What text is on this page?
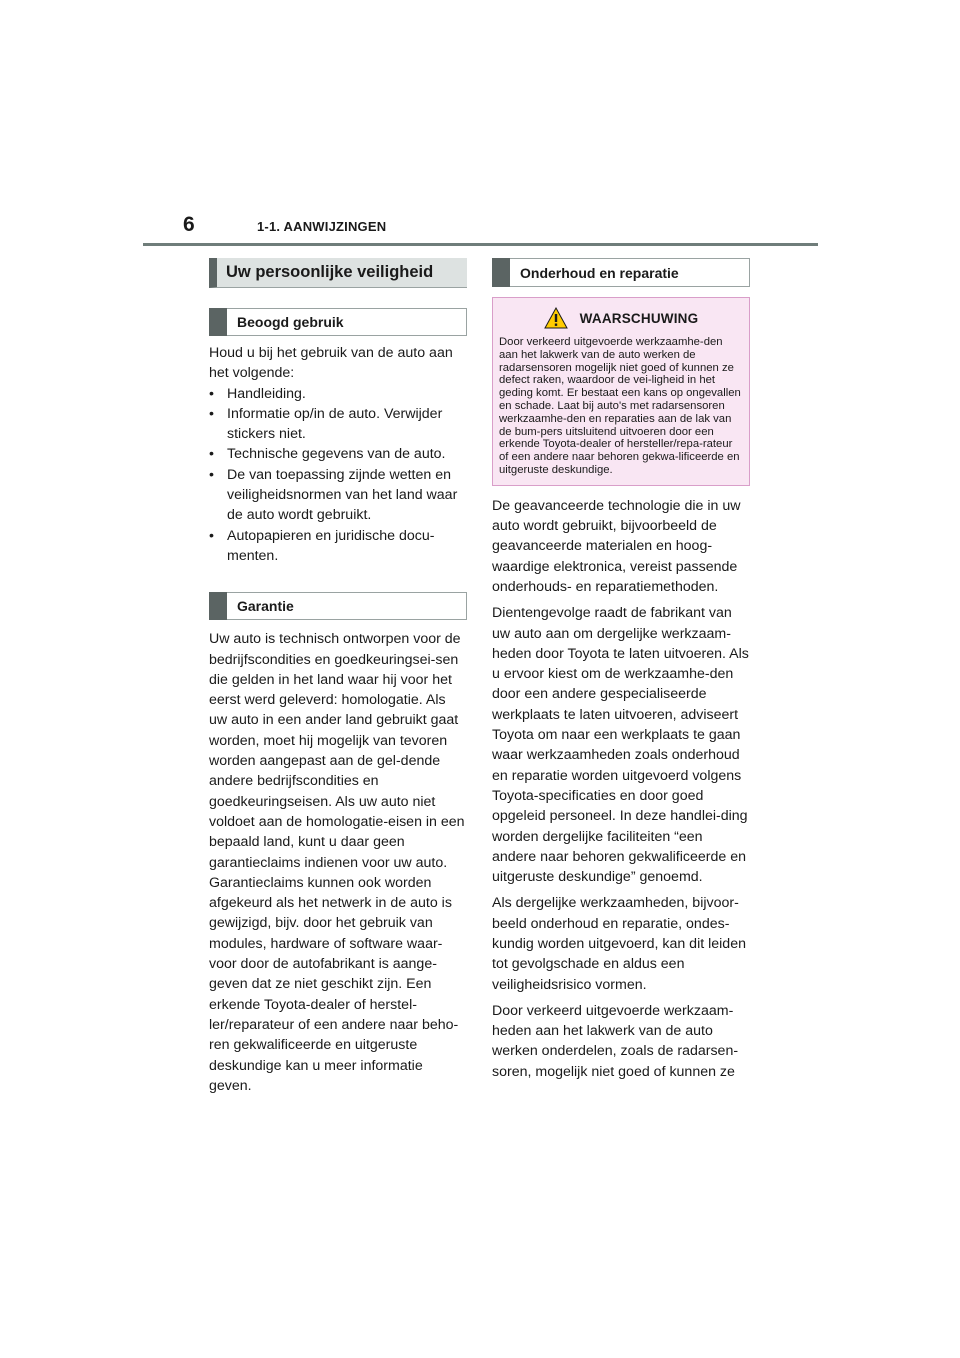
6	1-1. AANWIJZINGEN
Uw persoonlijke veiligheid
Beoogd gebruik

Houd u bij het gebruik van de auto aan het volgende:

• Handleiding.
• Informatie op/in de auto. Verwijder stickers niet.
• Technische gegevens van de auto.
• De van toepassing zijnde wetten en veiligheidsnormen van het land waar de auto wordt gebruikt.
• Autopapieren en juridische docu-menten.
Garantie

Uw auto is technisch ontworpen voor de bedrijfscondities en goedkeuringsei-sen die gelden in het land waar hij voor het eerst werd geleverd: homologatie. Als uw auto in een ander land gebruikt gaat worden, moet hij mogelijk van tevoren worden aangepast aan de gel-dende andere bedrijfscondities en goedkeuringseisen. Als uw auto niet voldoet aan de homologatie-eisen in een bepaald land, kunt u daar geen garantieclaims indienen voor uw auto. Garantieclaims kunnen ook worden afgekeurd als het netwerk in de auto is gewijzigd, bijv. door het gebruik van modules, hardware of software waar-voor door de autofabrikant is aange-geven dat ze niet geschikt zijn. Een erkende Toyota-dealer of herstel-ler/reparateur of een andere naar beho-ren gekwalificeerde en uitgeruste deskundige kan u meer informatie geven.

Onderhoud en reparatie
WAARSCHUWING

Door verkeerd uitgevoerde werkzaamhe-den aan het lakwerk van de auto werken de radarsensoren mogelijk niet goed of kunnen ze defect raken, waardoor de vei-ligheid in het geding komt. Er bestaat een kans op ongevallen en schade. Laat bij auto's met radarsensoren werkzaamhe-den en reparaties aan de lak van de bum-pers uitsluitend uitvoeren door een erkende Toyota-dealer of hersteller/repa-rateur of een andere naar behoren gekwa-lificeerde en uitgeruste deskundige.

De geavanceerde technologie die in uw auto wordt gebruikt, bijvoorbeeld de geavanceerde materialen en hoog-waardige elektronica, vereist passende onderhouds- en reparatiemethoden.

Dientengevolge raadt de fabrikant van uw auto aan om dergelijke werkzaam-heden door Toyota te laten uitvoeren. Als u ervoor kiest om de werkzaamhe-den door een andere gespecialiseerde werkplaats te laten uitvoeren, adviseert Toyota om naar een werkplaats te gaan waar werkzaamheden zoals onderhoud en reparatie worden uitgevoerd volgens Toyota-specificaties en door goed opgeleid personeel. In deze handlei-ding worden dergelijke faciliteiten “een andere naar behoren gekwalificeerde en uitgeruste deskundige” genoemd.

Als dergelijke werkzaamheden, bijvoor-beeld onderhoud en reparatie, ondes-kundig worden uitgevoerd, kan dit leiden tot gevolgschade en aldus een veiligheidsrisico vormen.

Door verkeerd uitgevoerde werkzaam-heden aan het lakwerk van de auto werken onderdelen, zoals de radarsen-soren, mogelijk niet goed of kunnen ze
